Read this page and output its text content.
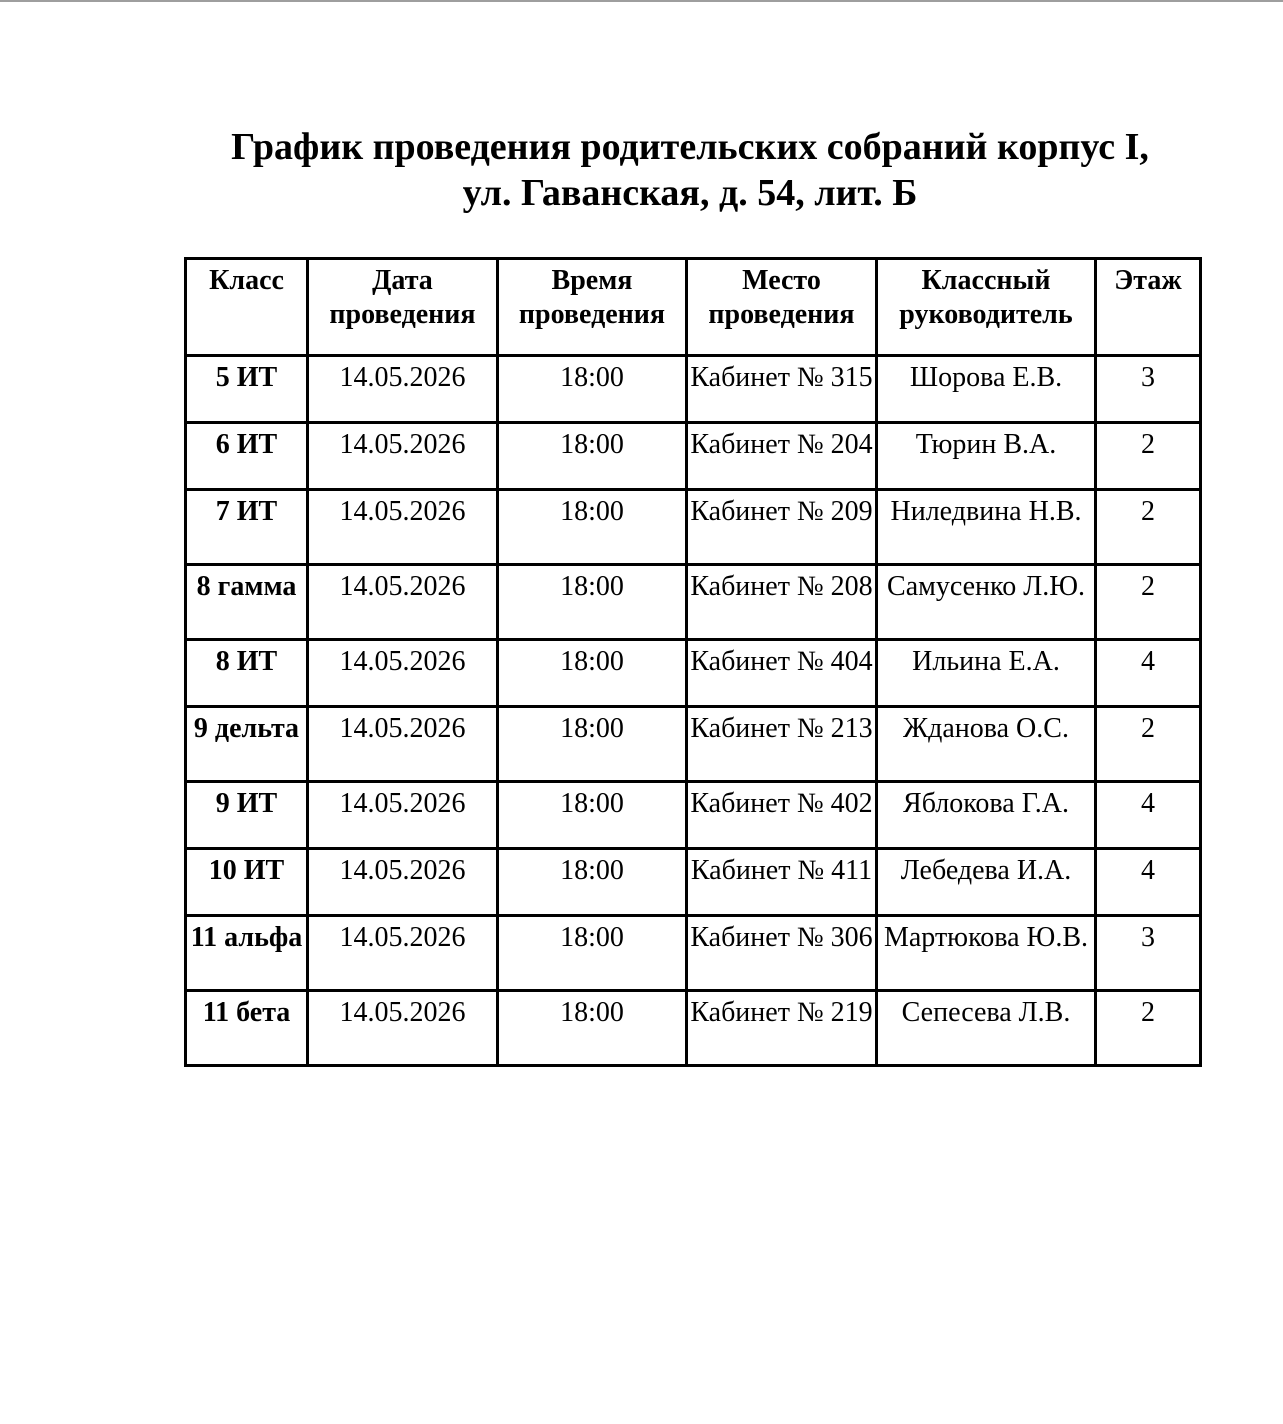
График проведения родительских собраний корпус I,
ул. Гаванская, д. 54, лит. Б
Класс	Дата проведения	Время проведения	Место проведения	Классный руководитель	Этаж
5 ИТ	14.05.2026	18:00	Кабинет № 315	Шорова Е.В.	3
6 ИТ	14.05.2026	18:00	Кабинет № 204	Тюрин В.А.	2
7 ИТ	14.05.2026	18:00	Кабинет № 209	Ниледвина Н.В.	2
8 гамма	14.05.2026	18:00	Кабинет № 208	Самусенко Л.Ю.	2
8 ИТ	14.05.2026	18:00	Кабинет № 404	Ильина Е.А.	4
9 дельта	14.05.2026	18:00	Кабинет № 213	Жданова О.С.	2
9 ИТ	14.05.2026	18:00	Кабинет № 402	Яблокова Г.А.	4
10 ИТ	14.05.2026	18:00	Кабинет № 411	Лебедева И.А.	4
11 альфа	14.05.2026	18:00	Кабинет № 306	Мартюкова Ю.В.	3
11 бета	14.05.2026	18:00	Кабинет № 219	Сепесева Л.В.	2
